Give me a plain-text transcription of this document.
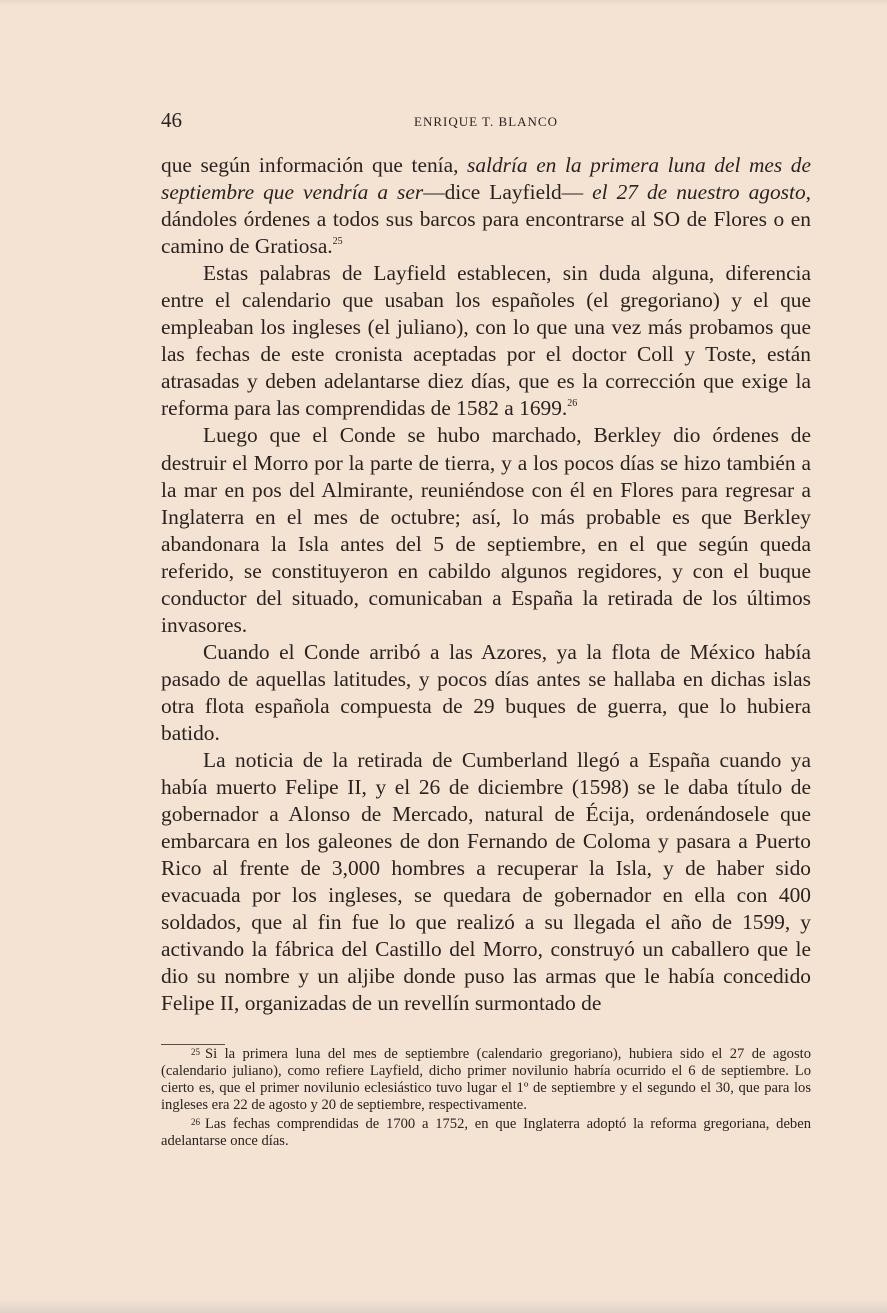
46	ENRIQUE T. BLANCO

que según información que tenía, saldría en la primera luna del mes de septiembre que vendría a ser—dice Layfield— el 27 de nuestro agosto, dándoles órdenes a todos sus barcos para encontrarse al SO de Flores o en camino de Gratiosa.$^{25}$

Estas palabras de Layfield establecen, sin duda alguna, diferencia entre el calendario que usaban los españoles (el gregoriano) y el que empleaban los ingleses (el juliano), con lo que una vez más probamos que las fechas de este cronista aceptadas por el doctor Coll y Toste, están atrasadas y deben adelantarse diez días, que es la corrección que exige la reforma para las comprendidas de 1582 a 1699.26

Luego que el Conde se hubo marchado, Berkley dio órdenes de destruir el Morro por la parte de tierra, y a los pocos días se hizo también a la mar en pos del Almirante, reuniéndose con él en Flores para regresar a Inglaterra en el mes de octubre; así, lo más probable es que Berkley abandonara la Isla antes del 5 de septiembre, en el que según queda referido, se constituyeron en cabildo algunos regidores, y con el buque conductor del situado, comunicaban a España la retirada de los últimos invasores.

Cuando el Conde arribó a las Azores, ya la flota de México había pasado de aquellas latitudes, y pocos días antes se hallaba en dichas islas otra flota española compuesta de 29 buques de guerra, que lo hubiera batido.

La noticia de la retirada de Cumberland llegó a España cuando ya había muerto Felipe II, y el 26 de diciembre (1598) se le daba título de gobernador a Alonso de Mercado, natural de Écija, ordenándosele que embarcara en los galeones de don Fernando de Coloma y pasara a Puerto Rico al frente de 3,000 hombres a recuperar la Isla, y de haber sido evacuada por los ingleses, se quedara de gobernador en ella con 400 soldados, que al fin fue lo que realizó a su llegada el año de 1599, y activando la fábrica del Castillo del Morro, construyó un caballero que le dio su nombre y un aljibe donde puso las armas que le había concedido Felipe II, organizadas de un revellín surmontado de

$^{25}$ Si la primera luna del mes de septiembre (calendario gregoriano), hubiera sido el 27 de agosto (calendario juliano), como refiere Layfield, dicho primer novilunio habría ocurrido el 6 de septiembre. Lo cierto es, que el primer novilunio eclesiástico tuvo lugar el 1º de septiembre y el segundo el 30, que para los ingleses era 22 de agosto y 20 de septiembre, respectivamente.

$^{26}$ Las fechas comprendidas de 1700 a 1752, en que Inglaterra adoptó la reforma gregoriana, deben adelantarse once días.
